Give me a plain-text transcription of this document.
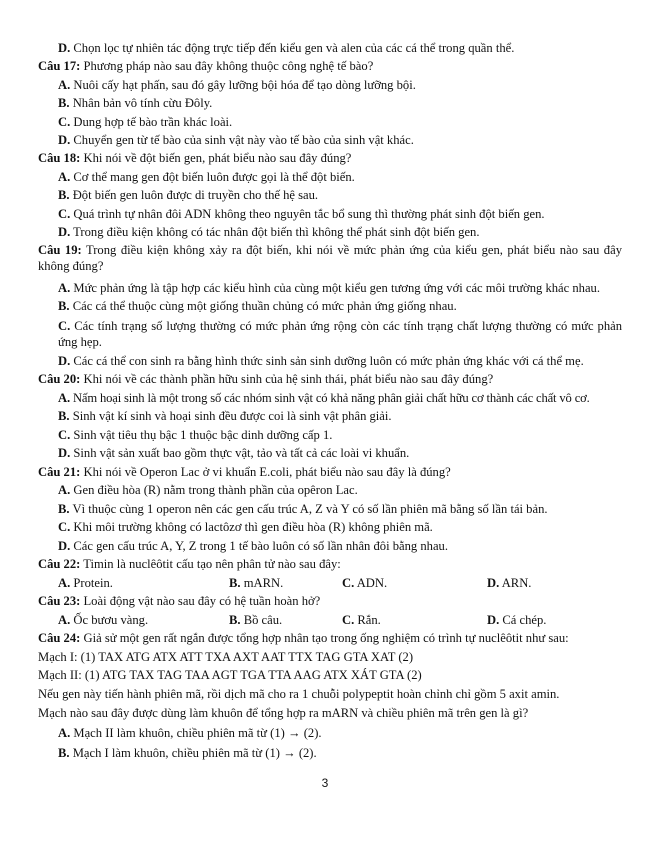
D. Chọn lọc tự nhiên tác động trực tiếp đến kiểu gen và alen của các cá thể trong quần thể.
Câu 17: Phương pháp nào sau đây không thuộc công nghệ tế bào?
A. Nuôi cấy hạt phấn, sau đó gây lưỡng bội hóa để tạo dòng lưỡng bội.
B. Nhân bản vô tính cừu Đôly.
C. Dung hợp tế bào trần khác loài.
D. Chuyển gen từ tế bào của sinh vật này vào tế bào của sinh vật khác.
Câu 18: Khi nói về đột biến gen, phát biểu nào sau đây đúng?
A. Cơ thể mang gen đột biến luôn được gọi là thể đột biến.
B. Đột biến gen luôn được di truyền cho thế hệ sau.
C. Quá trình tự nhân đôi ADN không theo nguyên tắc bổ sung thì thường phát sinh đột biến gen.
D. Trong điều kiện không có tác nhân đột biến thì không thể phát sinh đột biến gen.
Câu 19: Trong điều kiện không xảy ra đột biến, khi nói về mức phản ứng của kiểu gen, phát biểu nào sau đây không đúng?
A. Mức phản ứng là tập hợp các kiểu hình của cùng một kiểu gen tương ứng với các môi trường khác nhau.
B. Các cá thể thuộc cùng một giống thuần chủng có mức phản ứng giống nhau.
C. Các tính trạng số lượng thường có mức phản ứng rộng còn các tính trạng chất lượng thường có mức phản ứng hẹp.
D. Các cá thể con sinh ra bằng hình thức sinh sản sinh dưỡng luôn có mức phản ứng khác với cá thể mẹ.
Câu 20: Khi nói về các thành phần hữu sinh của hệ sinh thái, phát biểu nào sau đây đúng?
A. Nấm hoại sinh là một trong số các nhóm sinh vật có khả năng phân giải chất hữu cơ thành các chất vô cơ.
B. Sinh vật kí sinh và hoại sinh đều được coi là sinh vật phân giải.
C. Sinh vật tiêu thụ bậc 1 thuộc bậc dinh dưỡng cấp 1.
D. Sinh vật sản xuất bao gồm thực vật, tảo và tất cả các loài vi khuẩn.
Câu 21: Khi nói về Operon Lac ở vi khuẩn E.coli, phát biểu nào sau đây là đúng?
A. Gen điều hòa (R) nằm trong thành phần của opêron Lac.
B. Vì thuộc cùng 1 operon nên các gen cấu trúc A, Z và Y có số lần phiên mã bằng số lần tái bản.
C. Khi môi trường không có lactôzơ thì gen điều hòa (R) không phiên mã.
D. Các gen cấu trúc A, Y, Z trong 1 tế bào luôn có số lần nhân đôi bằng nhau.
Câu 22: Timin là nuclêôtit cấu tạo nên phân tử nào sau đây:
A. Protein.	B. mARN.	C. ADN.	D. ARN.
Câu 23: Loài động vật nào sau đây có hệ tuần hoàn hở?
A. Ốc bươu vàng.	B. Bồ câu.	C. Rắn.	D. Cá chép.
Câu 24: Giả sử một gen rất ngắn được tổng hợp nhân tạo trong ống nghiệm có trình tự nuclêôtit như sau:
Mạch I: (1) TAX ATG ATX ATT TXA AXT AAT TTX TAG GTA XAT (2)
Mạch II: (1) ATG TAX TAG TAA AGT TGA TTA AAG ATX XÁT GTA (2)
Nếu gen này tiến hành phiên mã, rồi dịch mã cho ra 1 chuỗi polypeptit hoàn chỉnh chỉ gồm 5 axit amin.
Mạch nào sau đây được dùng làm khuôn để tổng hợp ra mARN và chiều phiên mã trên gen là gì?
A. Mạch II làm khuôn, chiều phiên mã từ (1) → (2).
B. Mạch I làm khuôn, chiều phiên mã từ (1) → (2).
3
